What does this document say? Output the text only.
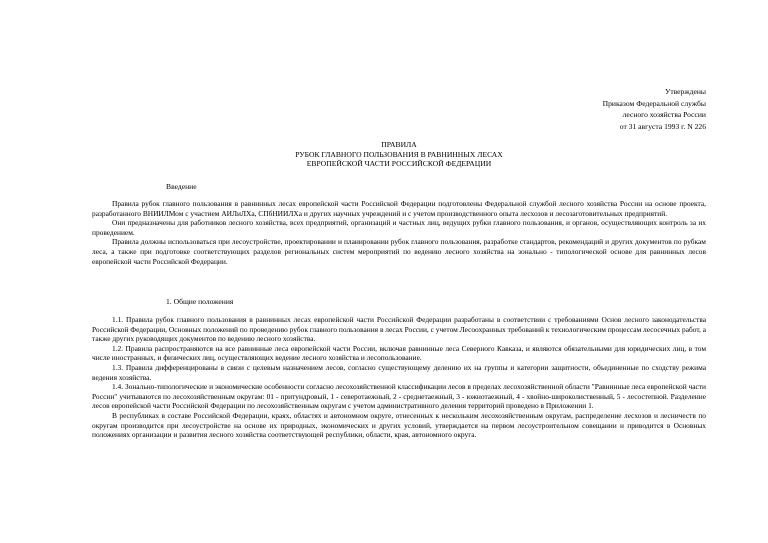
Утверждены
Приказом Федеральной службы
лесного хозяйства России
от 31 августа 1993 г. N 226
ПРАВИЛА
РУБОК ГЛАВНОГО ПОЛЬЗОВАНИЯ В РАВНИННЫХ ЛЕСАХ
ЕВРОПЕЙСКОЙ ЧАСТИ РОССИЙСКОЙ ФЕДЕРАЦИИ
Введение

Правила рубок главного пользования в равнинных лесах европейской части Российской Федерации подготовлены Федеральной службой лесного хозяйства России на основе проекта, разработанного ВНИИЛМом с участием АИЛиЛХа, СПбНИИЛХа и других научных учреждений и с учетом производственного опыта лесхозов и лесозаготовительных предприятий.

Они предназначены для работников лесного хозяйства, всех предприятий, организаций и частных лиц, ведущих рубки главного пользования, и органов, осуществляющих контроль за их проведением.

Правила должны использоваться при лесоустройстве, проектировании и планировании рубок главного пользования, разработке стандартов, рекомендаций и других документов по рубкам леса, а также при подготовке соответствующих разделов региональных систем мероприятий по ведению лесного хозяйства на зонально - типологической основе для равнинных лесов европейской части Российской Федерации.

1. Общие положения

1.1. Правила рубок главного пользования в равнинных лесах европейской части Российской Федерации разработаны в соответствии с требованиями Основ лесного законодательства Российской Федерации, Основных положений по проведению рубок главного пользования в лесах России, с учетом Лесоохранных требований к технологическим процессам лесосечных работ, а также других руководящих документов по ведению лесного хозяйства.

1.2. Правила распространяются на все равнинные леса европейской части России, включая равнинные леса Северного Кавказа, и являются обязательными для юридических лиц, в том числе иностранных, и физических лиц, осуществляющих ведение лесного хозяйства и лесопользование.

1.3. Правила дифференцированы в связи с целевым назначением лесов, согласно существующему делению их на группы и категории защитности, объединенные по сходству режима ведения хозяйства.

1.4. Зонально-типологические и экономические особенности согласно лесохозяйственной классификации лесов в пределах лесохозяйственной области "Равнинные леса европейской части России" учитываются по лесохозяйственным округам: 01 - притундровый, 1 - северотаежный, 2 - среднетаежный, 3 - южнотаежный, 4 - хвойно-широколиственный, 5 - лесостепной. Разделение лесов европейской части Российской Федерации по лесохозяйственным округам с учетом административного деления территорий проведено в Приложении 1.

В республиках в составе Российской Федерации, краях, областях и автономном округе, отнесенных к нескольким лесохозяйственным округам, распределение лесхозов и лесничеств по округам производится при лесоустройстве на основе их природных, экономических и других условий, утверждается на первом лесоустроительном совещании и приводится в Основных положениях организации и развития лесного хозяйства соответствующей республики, области, края, автономного округа.
